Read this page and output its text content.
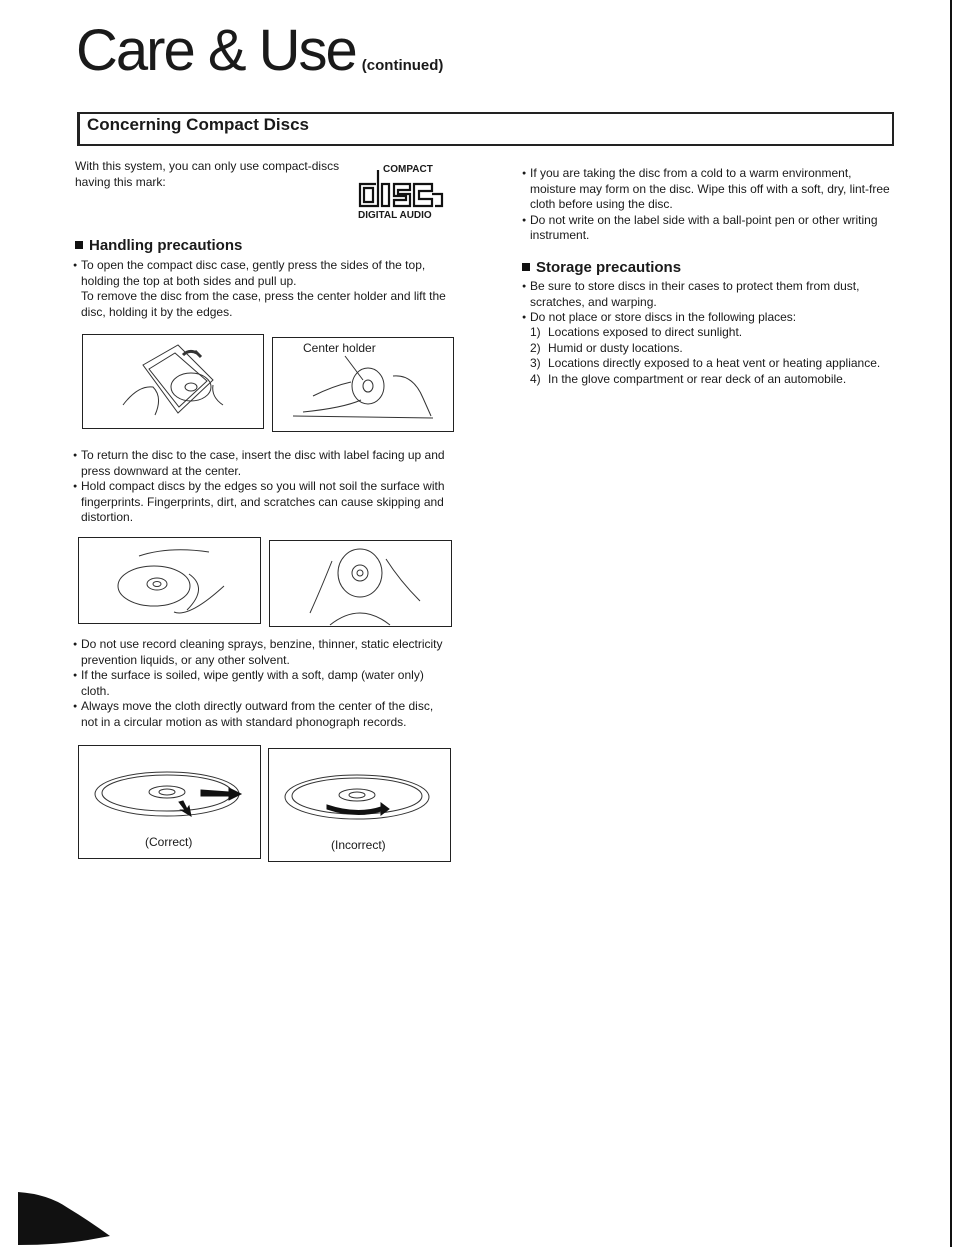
Care & Use (continued)
Concerning Compact Discs
With this system, you can only use compact-discs having this mark:
COMPACT
DIGITAL AUDIO
Handling precautions
● To open the compact disc case, gently press the sides of the top, holding the top at both sides and pull up.
To remove the disc from the case, press the center holder and lift the disc, holding it by the edges.
Center holder
● To return the disc to the case, insert the disc with label facing up and press downward at the center.
● Hold compact discs by the edges so you will not soil the surface with fingerprints. Fingerprints, dirt, and scratches can cause skipping and distortion.
● Do not use record cleaning sprays, benzine, thinner, static electricity prevention liquids, or any other solvent.
● If the surface is soiled, wipe gently with a soft, damp (water only) cloth.
● Always move the cloth directly outward from the center of the disc, not in a circular motion as with standard phonograph records.
(Correct)	(Incorrect)
● If you are taking the disc from a cold to a warm environment, moisture may form on the disc. Wipe this off with a soft, dry, lint-free cloth before using the disc.
● Do not write on the label side with a ball-point pen or other writing instrument.
Storage precautions
● Be sure to store discs in their cases to protect them from dust, scratches, and warping.
● Do not place or store discs in the following places:
1) Locations exposed to direct sunlight.
2) Humid or dusty locations.
3) Locations directly exposed to a heat vent or heating appliance.
4) In the glove compartment or rear deck of an automobile.
